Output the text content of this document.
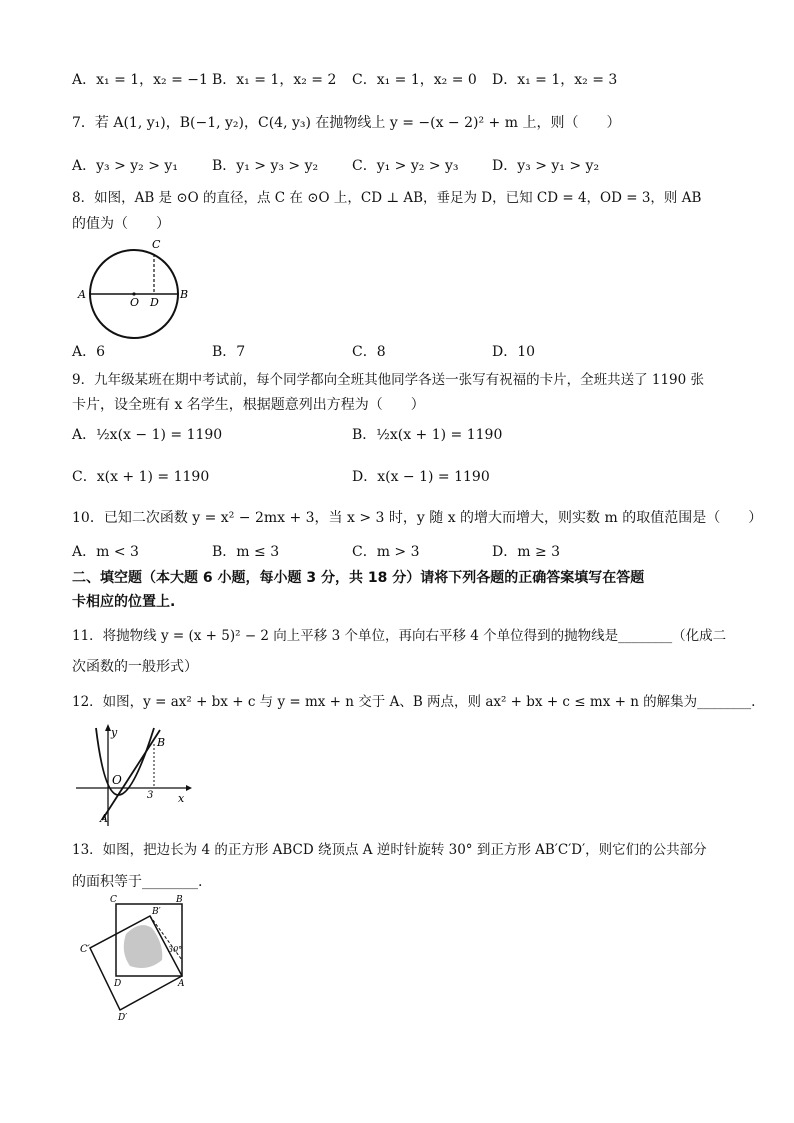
A．x₁ = 1，x₂ = −1 B．x₁ = 1，x₂ = 2 C．x₁ = 1，x₂ = 0 D．x₁ = 1，x₂ = 3
7．若 A(1, y₁)，B(−1, y₂)，C(4, y₃) 在抛物线上 y = −(x − 2)² + m 上，则（　　）
A．y₃ > y₂ > y₁ B．y₁ > y₃ > y₂ C．y₁ > y₂ > y₃ D．y₃ > y₁ > y₂
8．如图，AB 是 ⊙O 的直径，点 C 在 ⊙O 上，CD ⊥ AB，垂足为 D，已知 CD = 4，OD = 3，则 AB
的值为（　　）
A
O D
B
C
A．6	B．7	C．8	D．10
9．九年级某班在期中考试前，每个同学都向全班其他同学各送一张写有祝福的卡片，全班共送了 1190 张
卡片，设全班有 x 名学生，根据题意列出方程为（　　）
A．½x(x − 1) = 1190	B．½x(x + 1) = 1190
C．x(x + 1) = 1190	D．x(x − 1) = 1190
10．已知二次函数 y = x² − 2mx + 3，当 x > 3 时，y 随 x 的增大而增大，则实数 m 的取值范围是（　　）
A．m < 3	B．m ≤ 3	C．m > 3	D．m ≥ 3
二、填空题（本大题 6 小题，每小题 3 分，共 18 分）请将下列各题的正确答案填写在答题
卡相应的位置上.
11．将抛物线 y = (x + 5)² − 2 向上平移 3 个单位，再向右平移 4 个单位得到的抛物线是________（化成二
次函数的一般形式）
12．如图，y = ax² + bx + c 与 y = mx + n 交于 A、B 两点，则 ax² + bx + c ≤ mx + n 的解集为________.
y
x
O
A
B
3
13．如图，把边长为 4 的正方形 ABCD 绕顶点 A 逆时针旋转 30° 到正方形 AB′C′D′，则它们的公共部分
的面积等于________.
C
B′
B
C′	30°
D	A
D′
